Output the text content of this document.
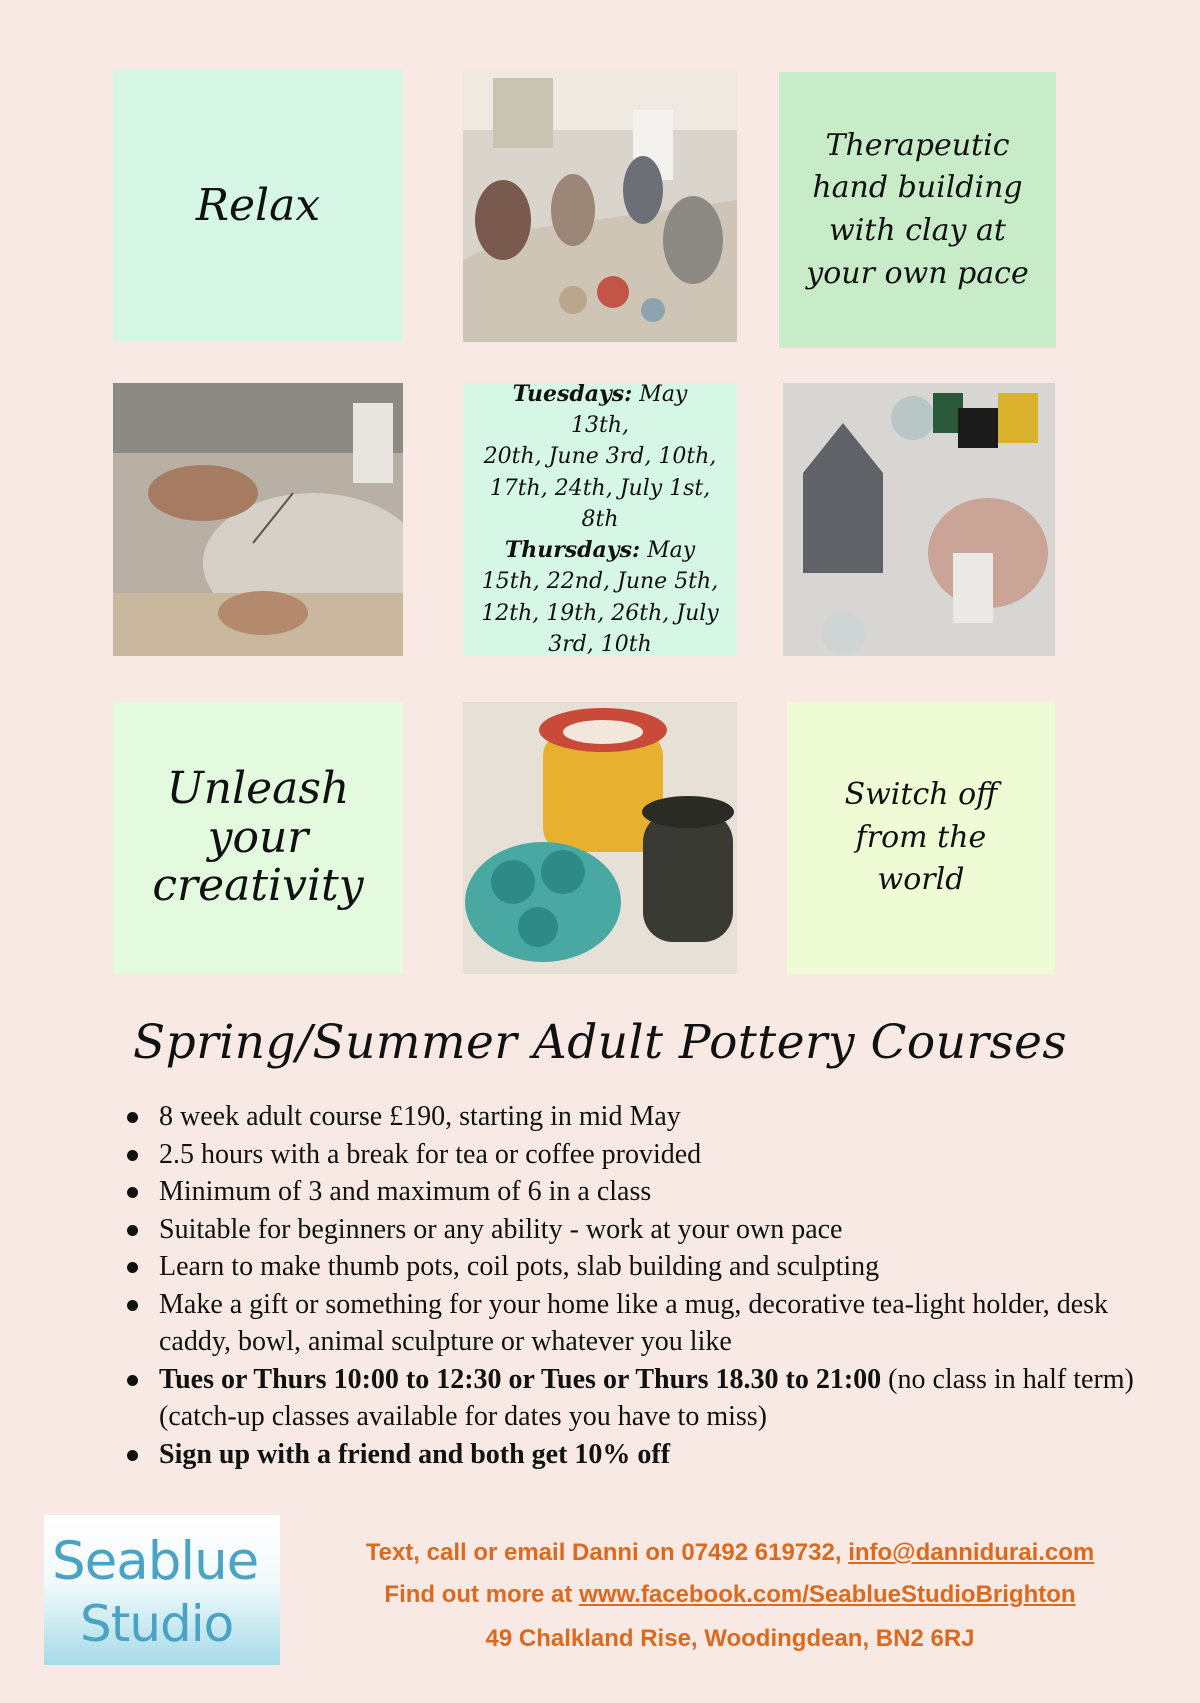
Relax
Therapeutic
hand building
with clay at
your own pace
Tuesdays: May 13th,
20th, June 3rd, 10th,
17th, 24th, July 1st,
8th
Thursdays: May
15th, 22nd, June 5th,
12th, 19th, 26th, July
3rd, 10th
Unleash
your
creativity
Switch off
from the
world
Spring/Summer Adult Pottery Courses
8 week adult course £190, starting in mid May
2.5 hours with a break for tea or coffee provided
Minimum of 3 and maximum of 6 in a class
Suitable for beginners or any ability - work at your own pace
Learn to make thumb pots, coil pots, slab building and sculpting
Make a gift or something for your home like a mug, decorative tea-light holder, desk caddy, bowl, animal sculpture or whatever you like
Tues or Thurs 10:00 to 12:30 or Tues or Thurs 18.30 to 21:00 (no class in half term)(catch-up classes available for dates you have to miss)
Sign up with a friend and both get 10% off
Seablue
Studio
Text, call or email Danni on 07492 619732, info@dannidurai.com
Find out more at www.facebook.com/SeablueStudioBrighton
49 Chalkland Rise, Woodingdean, BN2 6RJ
